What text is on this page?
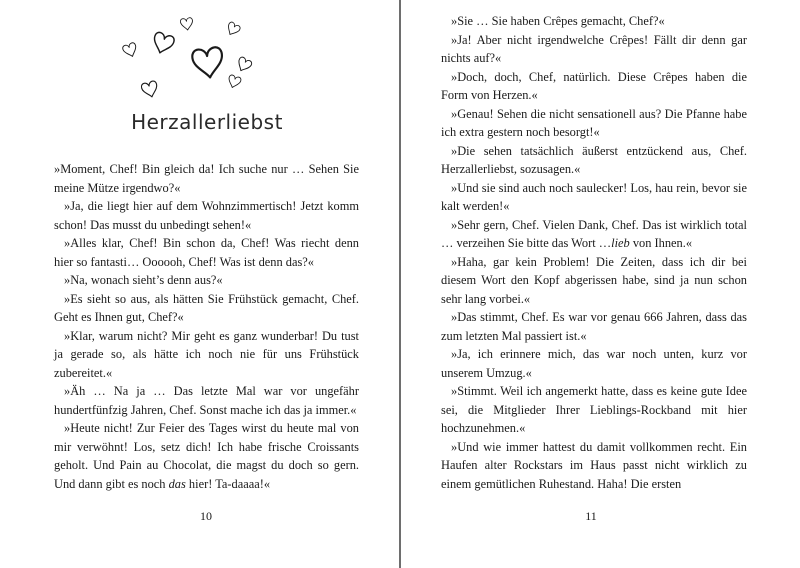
Herzallerliebst

»Moment, Chef! Bin gleich da! Ich suche nur … Sehen Sie meine Mütze irgendwo?«

»Ja, die liegt hier auf dem Wohnzimmertisch! Jetzt komm schon! Das musst du unbedingt sehen!«

»Alles klar, Chef! Bin schon da, Chef! Was riecht denn hier so fantasti… Oooooh, Chef! Was ist denn das?«

»Na, wonach sieht’s denn aus?«

»Es sieht so aus, als hätten Sie Frühstück gemacht, Chef. Geht es Ihnen gut, Chef?«

»Klar, warum nicht? Mir geht es ganz wunderbar! Du tust ja gerade so, als hätte ich noch nie für uns Frühstück zubereitet.«

»Äh … Na ja … Das letzte Mal war vor ungefähr hundertfünfzig Jahren, Chef. Sonst mache ich das ja immer.«

»Heute nicht! Zur Feier des Tages wirst du heute mal von mir verwöhnt! Los, setz dich! Ich habe frische Croissants geholt. Und Pain au Chocolat, die magst du doch so gern. Und dann gibt es noch das hier! Ta-daaaa!«

10

»Sie … Sie haben Crêpes gemacht, Chef?«

»Ja! Aber nicht irgendwelche Crêpes! Fällt dir denn gar nichts auf?«

»Doch, doch, Chef, natürlich. Diese Crêpes haben die Form von Herzen.«

»Genau! Sehen die nicht sensationell aus? Die Pfanne habe ich extra gestern noch besorgt!«

»Die sehen tatsächlich äußerst entzückend aus, Chef. Herzallerliebst, sozusagen.«

»Und sie sind auch noch saulecker! Los, hau rein, bevor sie kalt werden!«

»Sehr gern, Chef. Vielen Dank, Chef. Das ist wirklich total … verzeihen Sie bitte das Wort …lieb von Ihnen.«

»Haha, gar kein Problem! Die Zeiten, dass ich dir bei diesem Wort den Kopf abgerissen habe, sind ja nun schon sehr lang vorbei.«

»Das stimmt, Chef. Es war vor genau 666 Jahren, dass das zum letzten Mal passiert ist.«

»Ja, ich erinnere mich, das war noch unten, kurz vor unserem Umzug.«

»Stimmt. Weil ich angemerkt hatte, dass es keine gute Idee sei, die Mitglieder Ihrer Lieblings-Rockband mit hier hochzunehmen.«

»Und wie immer hattest du damit vollkommen recht. Ein Haufen alter Rockstars im Haus passt nicht wirklich zu einem gemütlichen Ruhestand. Haha! Die ersten

11
